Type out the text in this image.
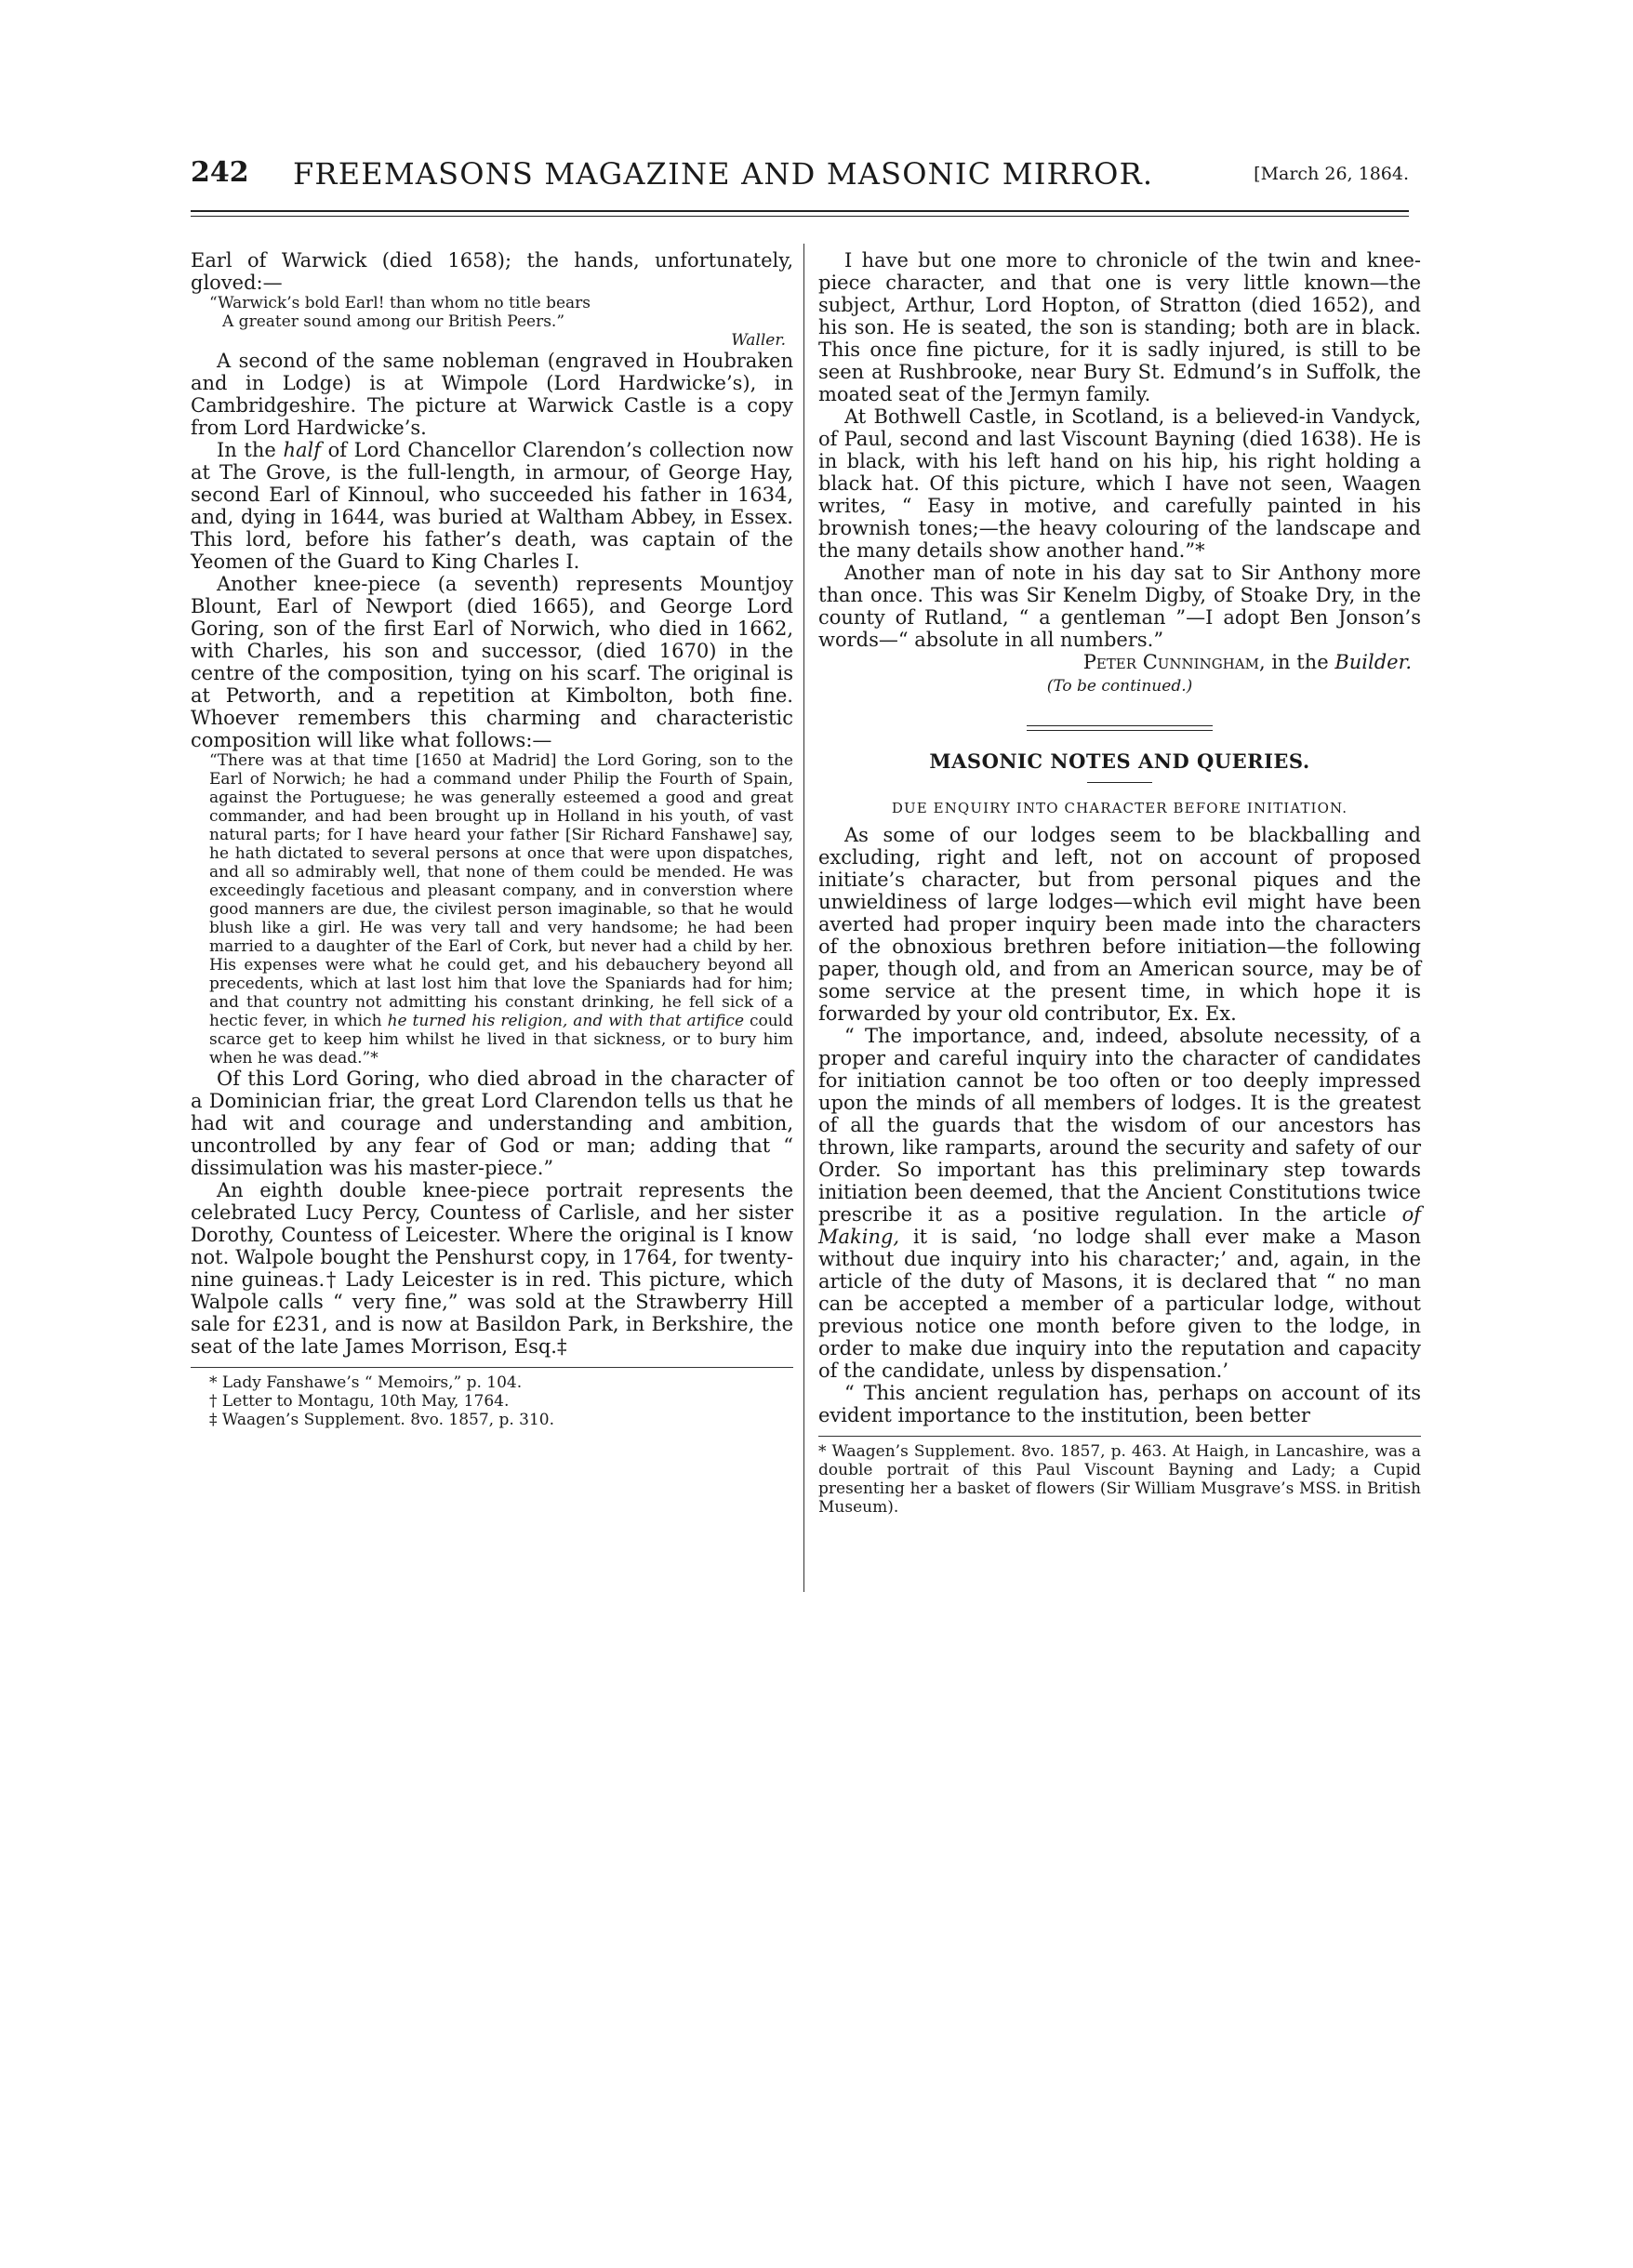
242 FREEMASONS MAGAZINE AND MASONIC MIRROR.	[March 26, 1864.

Earl of Warwick (died 1658); the hands, unfortunately, gloved:—

“Warwick’s bold Earl! than whom no title bears

A greater sound among our British Peers.”

Waller.

A second of the same nobleman (engraved in Houbraken and in Lodge) is at Wimpole (Lord Hardwicke’s), in Cambridgeshire. The picture at Warwick Castle is a copy from Lord Hardwicke’s.

In the half of Lord Chancellor Clarendon’s collection now at The Grove, is the full-length, in armour, of George Hay, second Earl of Kinnoul, who succeeded his father in 1634, and, dying in 1644, was buried at Waltham Abbey, in Essex. This lord, before his father’s death, was captain of the Yeomen of the Guard to King Charles I.

Another knee-piece (a seventh) represents Mountjoy Blount, Earl of Newport (died 1665), and George Lord Goring, son of the first Earl of Norwich, who died in 1662, with Charles, his son and successor, (died 1670) in the centre of the composition, tying on his scarf. The original is at Petworth, and a repetition at Kimbolton, both fine. Whoever remembers this charming and characteristic composition will like what follows:—

“There was at that time [1650 at Madrid] the Lord Goring, son to the Earl of Norwich; he had a command under Philip the Fourth of Spain, against the Portuguese; he was generally esteemed a good and great commander, and had been brought up in Holland in his youth, of vast natural parts; for I have heard your father [Sir Richard Fanshawe] say, he hath dictated to several persons at once that were upon dispatches, and all so admirably well, that none of them could be mended. He was exceedingly facetious and pleasant company, and in converstion where good manners are due, the civilest person imaginable, so that he would blush like a girl. He was very tall and very handsome; he had been married to a daughter of the Earl of Cork, but never had a child by her. His expenses were what he could get, and his debauchery beyond all precedents, which at last lost him that love the Spaniards had for him; and that country not admitting his constant drinking, he fell sick of a hectic fever, in which he turned his religion, and with that artifice could scarce get to keep him whilst he lived in that sickness, or to bury him when he was dead.”*

Of this Lord Goring, who died abroad in the character of a Dominician friar, the great Lord Clarendon tells us that he had wit and courage and understanding and ambition, uncontrolled by any fear of God or man; adding that “ dissimulation was his master-piece.”

An eighth double knee-piece portrait represents the celebrated Lucy Percy, Countess of Carlisle, and her sister Dorothy, Countess of Leicester. Where the original is I know not. Walpole bought the Penshurst copy, in 1764, for twenty-nine guineas.† Lady Leicester is in red. This picture, which Walpole calls “ very fine,” was sold at the Strawberry Hill sale for £231, and is now at Basildon Park, in Berkshire, the seat of the late James Morrison, Esq.‡

* Lady Fanshawe’s “ Memoirs,” p. 104.

† Letter to Montagu, 10th May, 1764.

‡ Waagen’s Supplement. 8vo. 1857, p. 310.

I have but one more to chronicle of the twin and knee-piece character, and that one is very little known—the subject, Arthur, Lord Hopton, of Stratton (died 1652), and his son. He is seated, the son is standing; both are in black. This once fine picture, for it is sadly injured, is still to be seen at Rushbrooke, near Bury St. Edmund’s in Suffolk, the moated seat of the Jermyn family.

At Bothwell Castle, in Scotland, is a believed-in Vandyck, of Paul, second and last Viscount Bayning (died 1638). He is in black, with his left hand on his hip, his right holding a black hat. Of this picture, which I have not seen, Waagen writes, “ Easy in motive, and carefully painted in his brownish tones;—the heavy colouring of the landscape and the many details show another hand.”*

Another man of note in his day sat to Sir Anthony more than once. This was Sir Kenelm Digby, of Stoake Dry, in the county of Rutland, “ a gentleman ”—I adopt Ben Jonson’s words—“ absolute in all numbers.”

Peter Cunningham, in the Builder.

(To be continued.)

MASONIC NOTES AND QUERIES.

DUE ENQUIRY INTO CHARACTER BEFORE INITIATION.

As some of our lodges seem to be blackballing and excluding, right and left, not on account of proposed initiate’s character, but from personal piques and the unwieldiness of large lodges—which evil might have been averted had proper inquiry been made into the characters of the obnoxious brethren before initiation—the following paper, though old, and from an American source, may be of some service at the present time, in which hope it is forwarded by your old contributor, Ex. Ex.

“ The importance, and, indeed, absolute necessity, of a proper and careful inquiry into the character of candidates for initiation cannot be too often or too deeply impressed upon the minds of all members of lodges. It is the greatest of all the guards that the wisdom of our ancestors has thrown, like ramparts, around the security and safety of our Order. So important has this preliminary step towards initiation been deemed, that the Ancient Constitutions twice prescribe it as a positive regulation. In the article of Making, it is said, ‘no lodge shall ever make a Mason without due inquiry into his character;’ and, again, in the article of the duty of Masons, it is declared that “ no man can be accepted a member of a particular lodge, without previous notice one month before given to the lodge, in order to make due inquiry into the reputation and capacity of the candidate, unless by dispensation.’

“ This ancient regulation has, perhaps on account of its evident importance to the institution, been better

* Waagen’s Supplement. 8vo. 1857, p. 463. At Haigh, in Lancashire, was a double portrait of this Paul Viscount Bayning and Lady; a Cupid presenting her a basket of flowers (Sir William Musgrave’s MSS. in British Museum).
